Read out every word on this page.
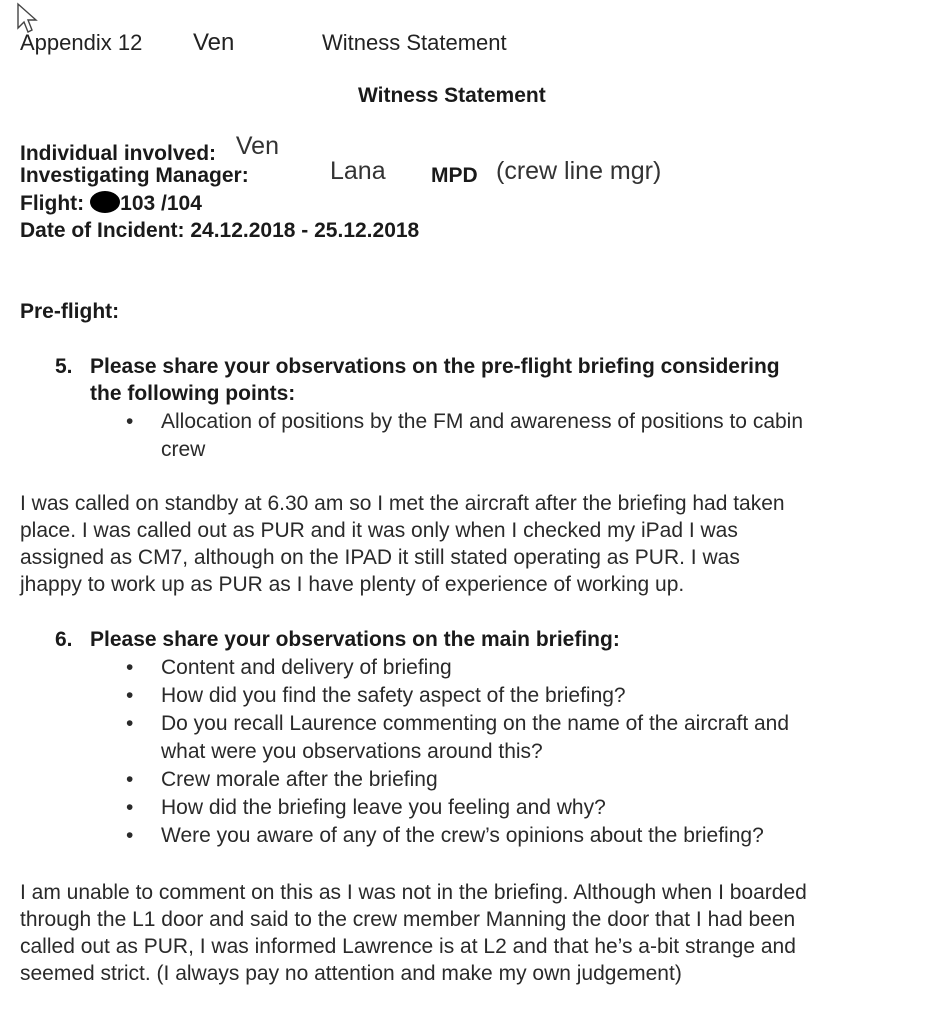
Appendix 12 Ven	Witness Statement
Witness Statement
Individual involved: Ven
Investigating Manager:	Lana MPD (crew line mgr)
Flight: 103 /104
Date of Incident: 24.12.2018 - 25.12.2018
Pre-flight:
5. Please share your observations on the pre-flight briefing considering
the following points:
• Allocation of positions by the FM and awareness of positions to cabin
crew
I was called on standby at 6.30 am so I met the aircraft after the briefing had taken
place. I was called out as PUR and it was only when I checked my iPad I was
assigned as CM7, although on the IPAD it still stated operating as PUR. I was
jhappy to work up as PUR as I have plenty of experience of working up.
6. Please share your observations on the main briefing:
• Content and delivery of briefing
• How did you find the safety aspect of the briefing?
• Do you recall Laurence commenting on the name of the aircraft and
what were you observations around this?
• Crew morale after the briefing
• How did the briefing leave you feeling and why?
• Were you aware of any of the crew’s opinions about the briefing?
I am unable to comment on this as I was not in the briefing. Although when I boarded
through the L1 door and said to the crew member Manning the door that I had been
called out as PUR, I was informed Lawrence is at L2 and that he’s a-bit strange and
seemed strict. (I always pay no attention and make my own judgement)
